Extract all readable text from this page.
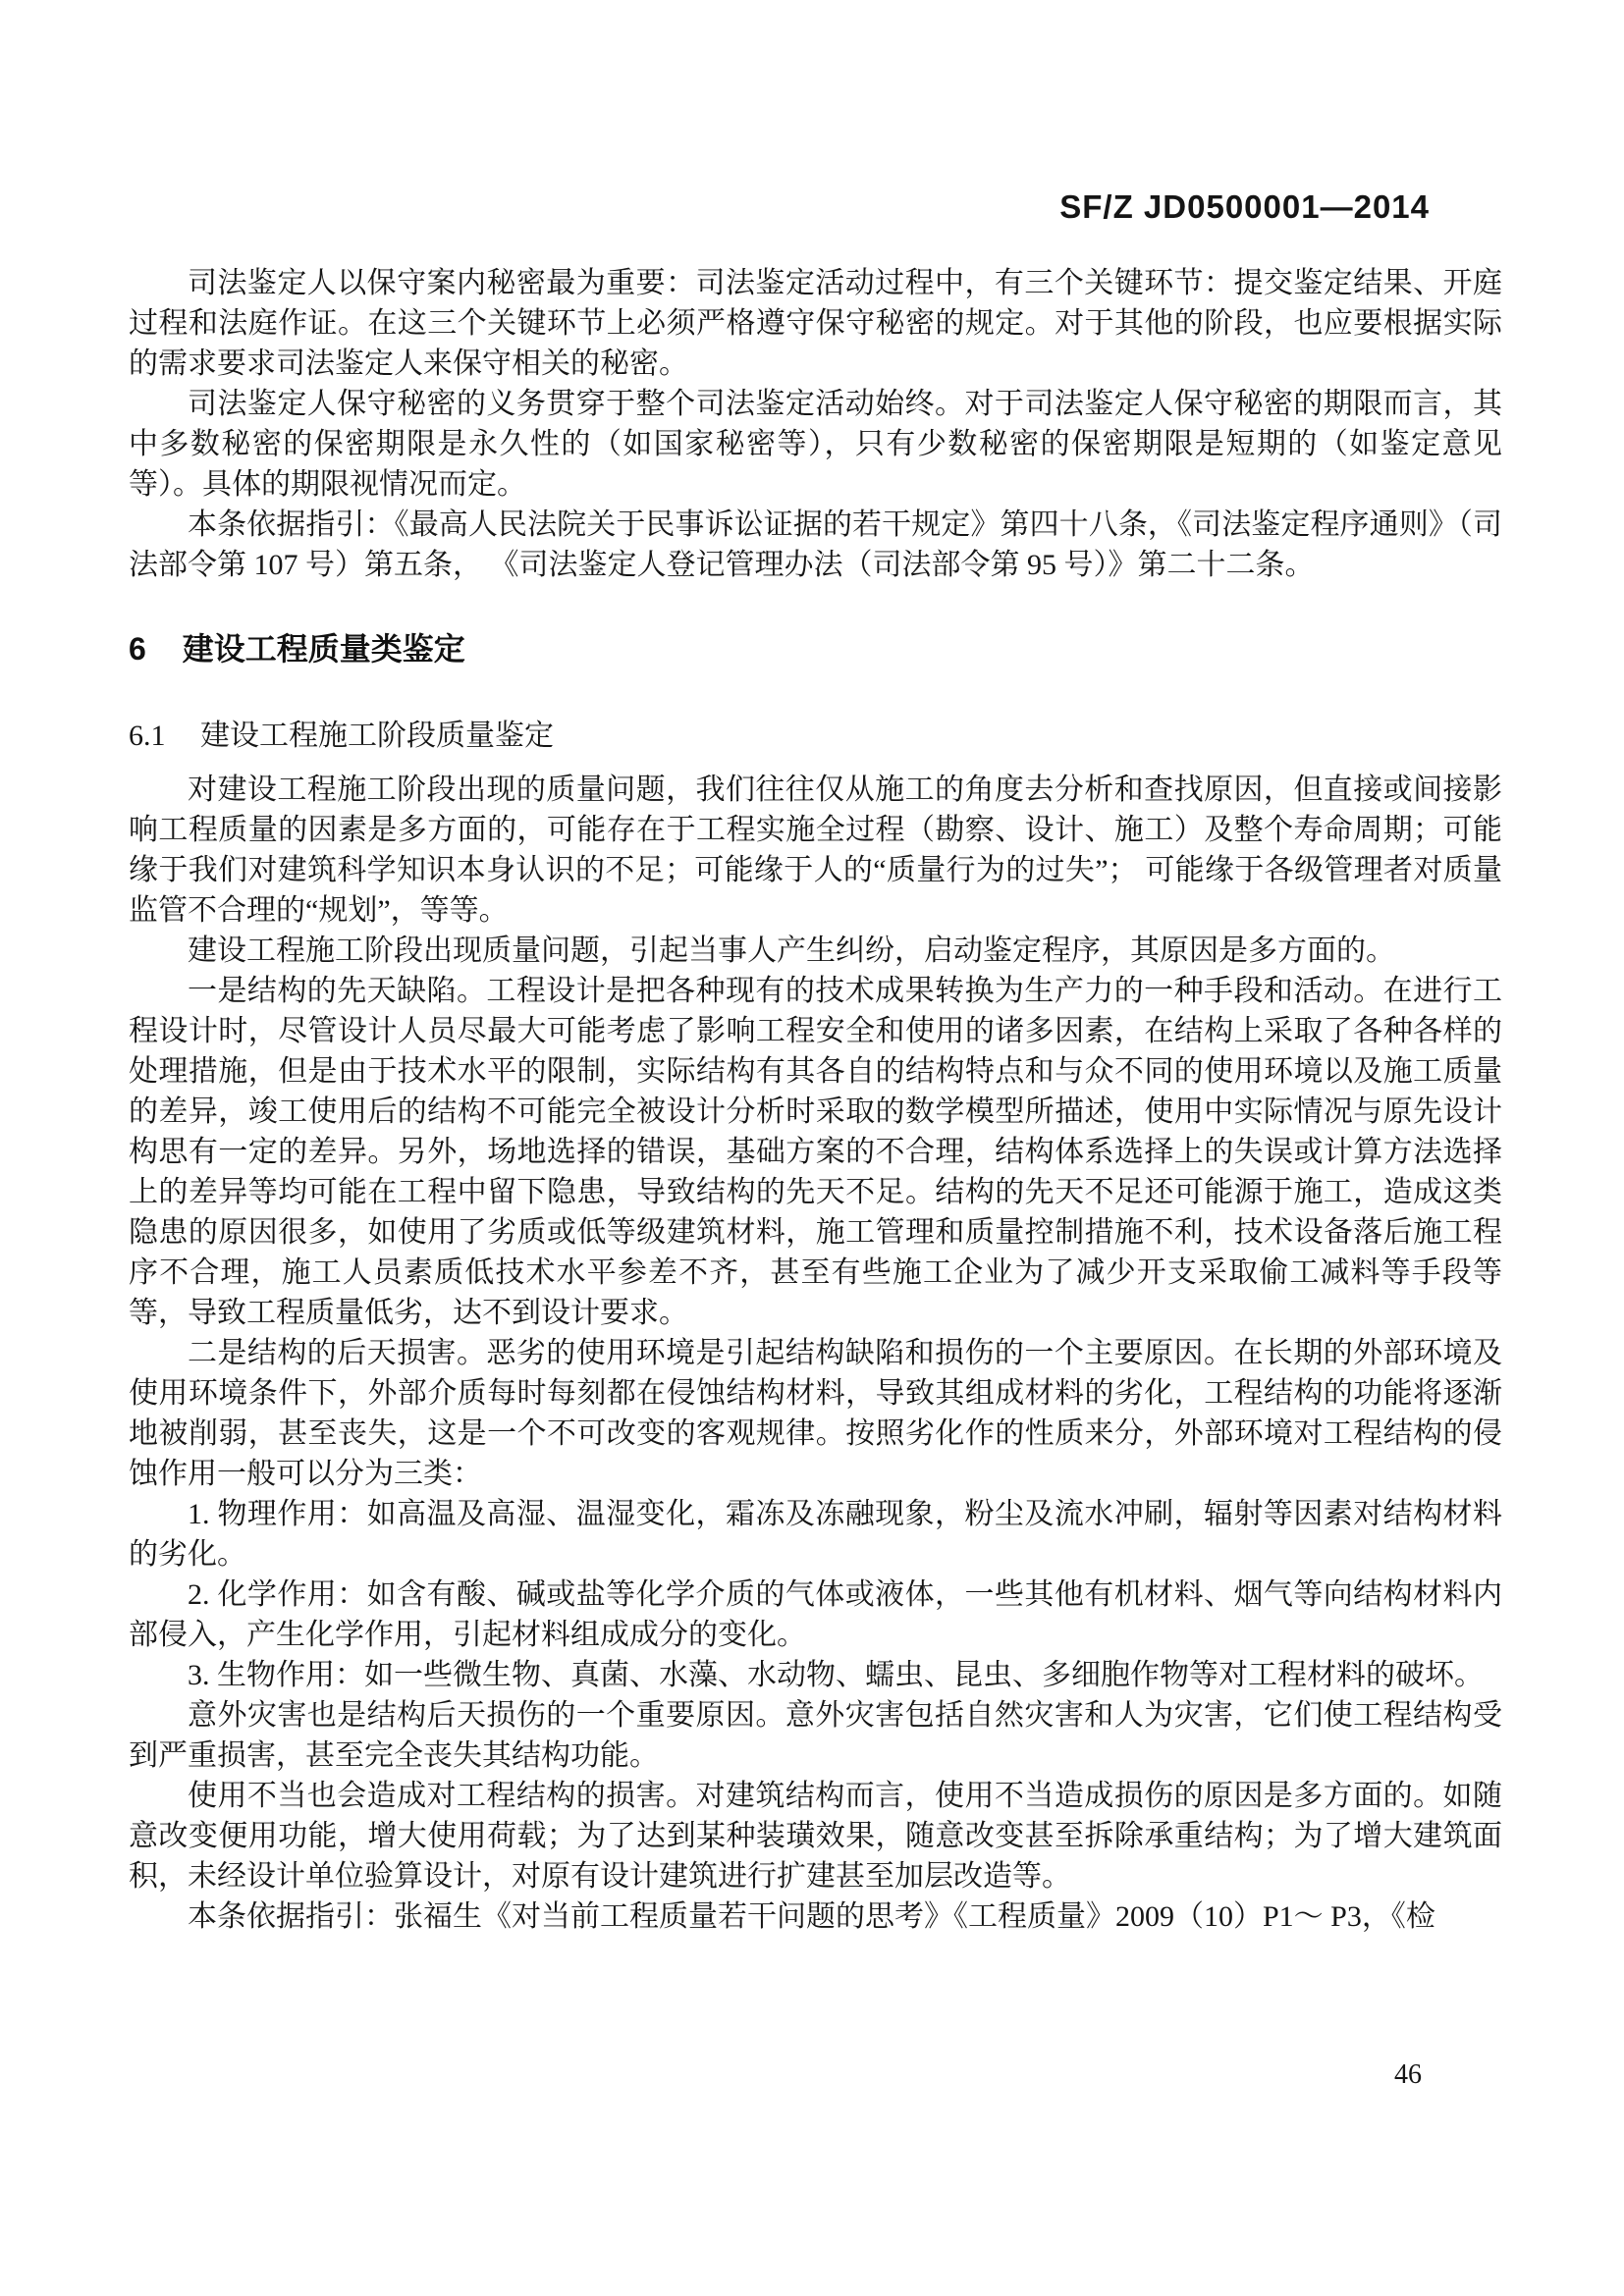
SF/Z JD0500001—2014

司法鉴定人以保守案内秘密最为重要：司法鉴定活动过程中，有三个关键环节：提交鉴定结果、开庭过程和法庭作证。在这三个关键环节上必须严格遵守保守秘密的规定。对于其他的阶段，也应要根据实际的需求要求司法鉴定人来保守相关的秘密。

司法鉴定人保守秘密的义务贯穿于整个司法鉴定活动始终。对于司法鉴定人保守秘密的期限而言，其中多数秘密的保密期限是永久性的（如国家秘密等），只有少数秘密的保密期限是短期的（如鉴定意见等）。具体的期限视情况而定。

本条依据指引：《最高人民法院关于民事诉讼证据的若干规定》第四十八条，《司法鉴定程序通则》（司法部令第 107 号）第五条， 《司法鉴定人登记管理办法（司法部令第 95 号）》第二十二条。

6 建设工程质量类鉴定
6.1 建设工程施工阶段质量鉴定

对建设工程施工阶段出现的质量问题，我们往往仅从施工的角度去分析和查找原因，但直接或间接影响工程质量的因素是多方面的，可能存在于工程实施全过程（勘察、设计、施工）及整个寿命周期；可能缘于我们对建筑科学知识本身认识的不足；可能缘于人的“质量行为的过失”； 可能缘于各级管理者对质量监管不合理的“规划”，等等。

建设工程施工阶段出现质量问题，引起当事人产生纠纷，启动鉴定程序，其原因是多方面的。

一是结构的先天缺陷。工程设计是把各种现有的技术成果转换为生产力的一种手段和活动。在进行工程设计时，尽管设计人员尽最大可能考虑了影响工程安全和使用的诸多因素，在结构上采取了各种各样的处理措施，但是由于技术水平的限制，实际结构有其各自的结构特点和与众不同的使用环境以及施工质量的差异，竣工使用后的结构不可能完全被设计分析时采取的数学模型所描述，使用中实际情况与原先设计构思有一定的差异。另外，场地选择的错误，基础方案的不合理，结构体系选择上的失误或计算方法选择上的差异等均可能在工程中留下隐患，导致结构的先天不足。结构的先天不足还可能源于施工，造成这类隐患的原因很多，如使用了劣质或低等级建筑材料，施工管理和质量控制措施不利，技术设备落后施工程序不合理，施工人员素质低技术水平参差不齐，甚至有些施工企业为了减少开支采取偷工减料等手段等等，导致工程质量低劣，达不到设计要求。

二是结构的后天损害。恶劣的使用环境是引起结构缺陷和损伤的一个主要原因。在长期的外部环境及使用环境条件下，外部介质每时每刻都在侵蚀结构材料，导致其组成材料的劣化，工程结构的功能将逐渐地被削弱，甚至丧失，这是一个不可改变的客观规律。按照劣化作的性质来分，外部环境对工程结构的侵蚀作用一般可以分为三类：

1. 物理作用：如高温及高湿、温湿变化，霜冻及冻融现象，粉尘及流水冲刷，辐射等因素对结构材料的劣化。

2. 化学作用：如含有酸、碱或盐等化学介质的气体或液体，一些其他有机材料、烟气等向结构材料内部侵入，产生化学作用，引起材料组成成分的变化。

3. 生物作用：如一些微生物、真菌、水藻、水动物、蠕虫、昆虫、多细胞作物等对工程材料的破坏。

意外灾害也是结构后天损伤的一个重要原因。意外灾害包括自然灾害和人为灾害，它们使工程结构受到严重损害，甚至完全丧失其结构功能。

使用不当也会造成对工程结构的损害。对建筑结构而言，使用不当造成损伤的原因是多方面的。如随意改变便用功能，增大使用荷载；为了达到某种装璜效果，随意改变甚至拆除承重结构；为了增大建筑面积，未经设计单位验算设计，对原有设计建筑进行扩建甚至加层改造等。

本条依据指引：张福生《对当前工程质量若干问题的思考》《工程质量》2009（10）P1～ P3，《检

46
